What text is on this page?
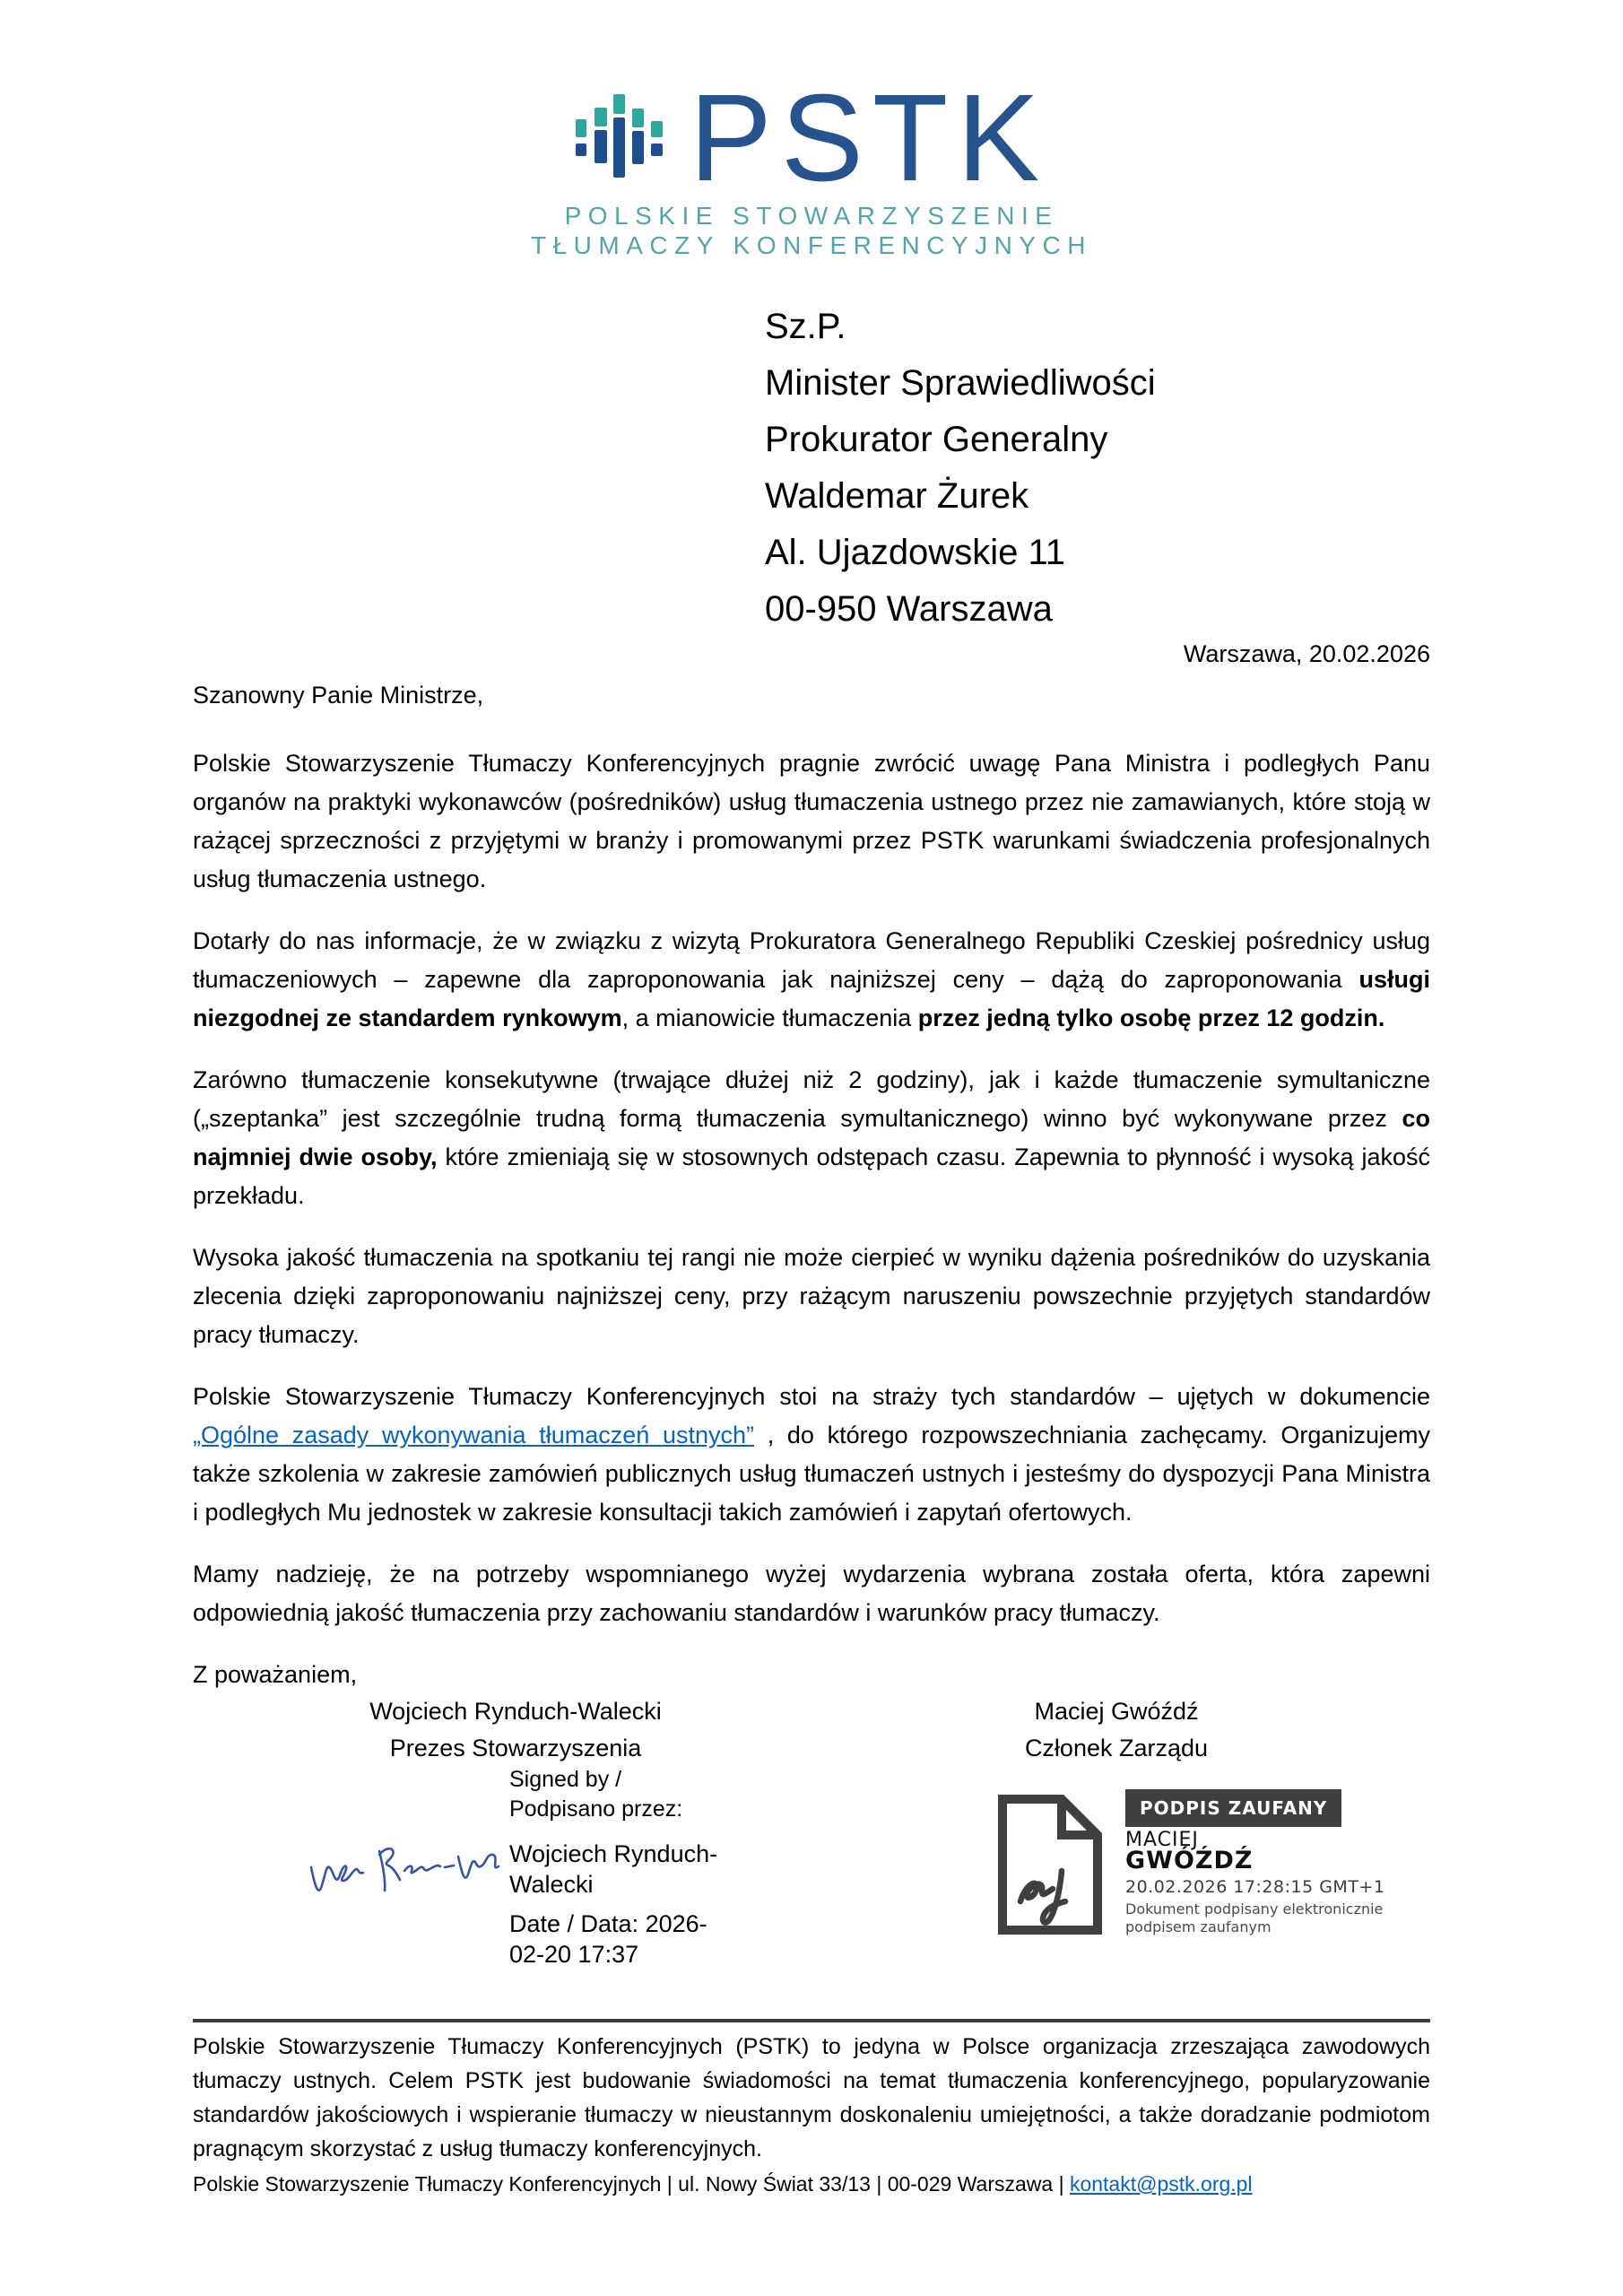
PSTK
POLSKIE STOWARZYSZENIE
TŁUMACZY KONFERENCYJNYCH
Sz.P.
Minister Sprawiedliwości
Prokurator Generalny
Waldemar Żurek
Al. Ujazdowskie 11
00-950 Warszawa
Warszawa, 20.02.2026
Szanowny Panie Ministrze,

Polskie Stowarzyszenie Tłumaczy Konferencyjnych pragnie zwrócić uwagę Pana Ministra i podległych Panu organów na praktyki wykonawców (pośredników) usług tłumaczenia ustnego przez nie zamawianych, które stoją w rażącej sprzeczności z przyjętymi w branży i promowanymi przez PSTK warunkami świadczenia profesjonalnych usług tłumaczenia ustnego.

Dotarły do nas informacje, że w związku z wizytą Prokuratora Generalnego Republiki Czeskiej pośrednicy usług tłumaczeniowych – zapewne dla zaproponowania jak najniższej ceny – dążą do zaproponowania usługi niezgodnej ze standardem rynkowym, a mianowicie tłumaczenia przez jedną tylko osobę przez 12 godzin.

Zarówno tłumaczenie konsekutywne (trwające dłużej niż 2 godziny), jak i każde tłumaczenie symultaniczne („szeptanka” jest szczególnie trudną formą tłumaczenia symultanicznego) winno być wykonywane przez co najmniej dwie osoby, które zmieniają się w stosownych odstępach czasu. Zapewnia to płynność i wysoką jakość przekładu.

Wysoka jakość tłumaczenia na spotkaniu tej rangi nie może cierpieć w wyniku dążenia pośredników do uzyskania zlecenia dzięki zaproponowaniu najniższej ceny, przy rażącym naruszeniu powszechnie przyjętych standardów pracy tłumaczy.

Polskie Stowarzyszenie Tłumaczy Konferencyjnych stoi na straży tych standardów – ujętych w dokumencie „Ogólne zasady wykonywania tłumaczeń ustnych” , do którego rozpowszechniania zachęcamy. Organizujemy także szkolenia w zakresie zamówień publicznych usług tłumaczeń ustnych i jesteśmy do dyspozycji Pana Ministra i podległych Mu jednostek w zakresie konsultacji takich zamówień i zapytań ofertowych.

Mamy nadzieję, że na potrzeby wspomnianego wyżej wydarzenia wybrana została oferta, która zapewni odpowiednią jakość tłumaczenia przy zachowaniu standardów i warunków pracy tłumaczy.

Z poważaniem,

Wojciech Rynduch-Walecki
Prezes Stowarzyszenia
Maciej Gwóźdź
Członek Zarządu
Signed by /
Podpisano przez:
Wojciech Rynduch-Walecki
Date / Data: 2026-02-20 17:37
PODPIS ZAUFANY
MACIEJ
GWÓŹDŹ
20.02.2026 17:28:15 GMT+1
Dokument podpisany elektronicznie podpisem zaufanym
Polskie Stowarzyszenie Tłumaczy Konferencyjnych (PSTK) to jedyna w Polsce organizacja zrzeszająca zawodowych tłumaczy ustnych. Celem PSTK jest budowanie świadomości na temat tłumaczenia konferencyjnego, popularyzowanie standardów jakościowych i wspieranie tłumaczy w nieustannym doskonaleniu umiejętności, a także doradzanie podmiotom pragnącym skorzystać z usług tłumaczy konferencyjnych.
Polskie Stowarzyszenie Tłumaczy Konferencyjnych | ul. Nowy Świat 33/13 | 00-029 Warszawa | kontakt@pstk.org.pl
